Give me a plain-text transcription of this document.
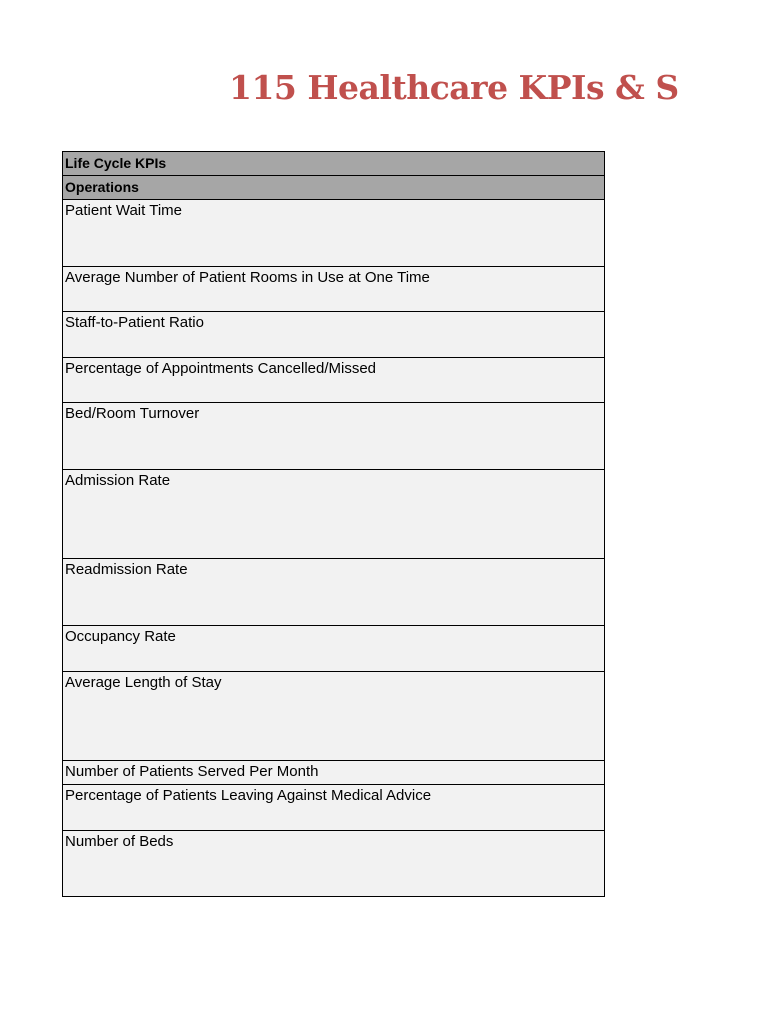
115 Healthcare KPIs & S
Life Cycle KPIs
Operations
Patient Wait Time
Average Number of Patient Rooms in Use at One Time
Staff-to-Patient Ratio
Percentage of Appointments Cancelled/Missed
Bed/Room Turnover
Admission Rate
Readmission Rate
Occupancy Rate
Average Length of Stay
Number of Patients Served Per Month
Percentage of Patients Leaving Against Medical Advice
Number of Beds
